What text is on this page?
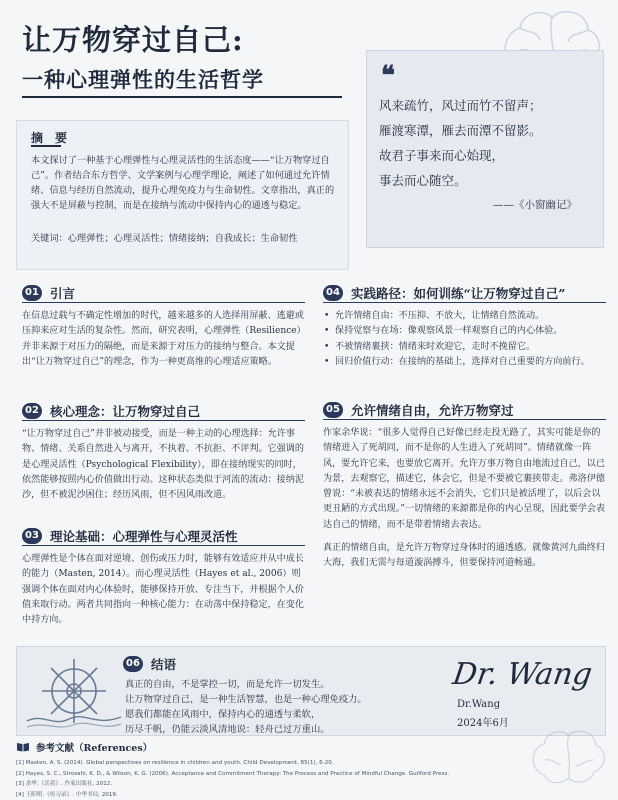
让万物穿过自己:
一种心理弹性的生活哲学	❝
风来疏竹，风过而竹不留声；
雁渡寒潭，雁去而潭不留影。
故君子事来而心始现，
事去而心随空。
——《小窗幽记》
摘　要
本文探讨了一种基于心理弹性与心理灵活性的生活态度——“让万物穿过自己”。作者结合东方哲学、文学案例与心理学理论，阐述了如何通过允许情绪、信息与经历自然流动，提升心理免疫力与生命韧性。文章指出，真正的强大不是屏蔽与控制，而是在接纳与流动中保持内心的通透与稳定。
关键词：心理弹性；心理灵活性；情绪接纳；自我成长；生命韧性
01 引言
在信息过载与不确定性增加的时代，越来越多的人选择用屏蔽、逃避或压抑来应对生活的复杂性。然而，研究表明，心理弹性（Resilience）并非来源于对压力的隔绝，而是来源于对压力的接纳与整合。本文提出“让万物穿过自己”的理念，作为一种更高维的心理适应策略。
02 核心理念：让万物穿过自己
“让万物穿过自己”并非被动接受，而是一种主动的心理选择：允许事物、情绪、关系自然进入与离开，不执着、不抗拒、不评判。它强调的是心理灵活性（Psychological Flexibility），即在接纳现实的同时，依然能够按照内心价值做出行动。这种状态类似于河流的流动：接纳泥沙，但不被泥沙困住；经历风雨，但不因风雨改道。
03 理论基础：心理弹性与心理灵活性
心理弹性是个体在面对逆境、创伤或压力时，能够有效适应并从中成长的能力（Masten, 2014）。而心理灵活性（Hayes et al., 2006）则强调个体在面对内心体验时，能够保持开放、专注当下，并根据个人价值来取行动。两者共同指向一种核心能力：在动荡中保持稳定，在变化中持方向。
04 实践路径：如何训练“让万物穿过自己”
• 允许情绪自由：不压抑、不放大，让情绪自然流动。
• 保持觉察与在场：像观察风景一样观察自己的内心体验。
• 不被情绪裹挟：情绪来时欢迎它，走时不挽留它。
• 回归价值行动：在接纳的基础上，选择对自己重要的方向前行。
05 允许情绪自由，允许万物穿过
作家余华说：“很多人觉得自己好像已经走投无路了，其实可能是你的情绪进入了死胡同，而不是你的人生进入了死胡同”。情绪就像一阵风，要允许它来，也要放它离开。允许万事万物自由地流过自己，以已为景，去观察它，描述它，体会它，但是不要被它裹挟带走。弗洛伊德曾说：“未被表达的情绪永远不会消失，它们只是被活埋了，以后会以更丑陋的方式出现。”一切情绪的来源都是你的内心呈现，因此要学会表达自己的情绪，而不是带着情绪去表达。
真正的情绪自由，是允许万物穿过身体时的通透感。就像黄河九曲终归大海，我们无需与每道漩涡搏斗，但要保持河道畅通。
06 结语
真正的自由，不是掌控一切，而是允许一切发生。
让万物穿过自己，是一种生活智慧，也是一种心理免疫力。
愿我们都能在风雨中，保持内心的通透与柔软，
历尽千帆，仍能云淡风清地说：轻舟已过万重山。
Dr. Wang
Dr.Wang
2024年6月
参考文献（References）
[1] Masten, A. S. (2014). Global perspectives on resilience in children and youth. Child Development, 85(1), 6-20.
[2] Hayes, S. C., Strosahl, K. D., & Wilson, K. G. (2006). Acceptance and Commitment Therapy: The Process and Practice of Mindful Change. Guilford Press.
[3] 余华.《活着》. 作家出版社, 2012.
[4] 王阳明.《传习录》. 中华书局, 2019.
